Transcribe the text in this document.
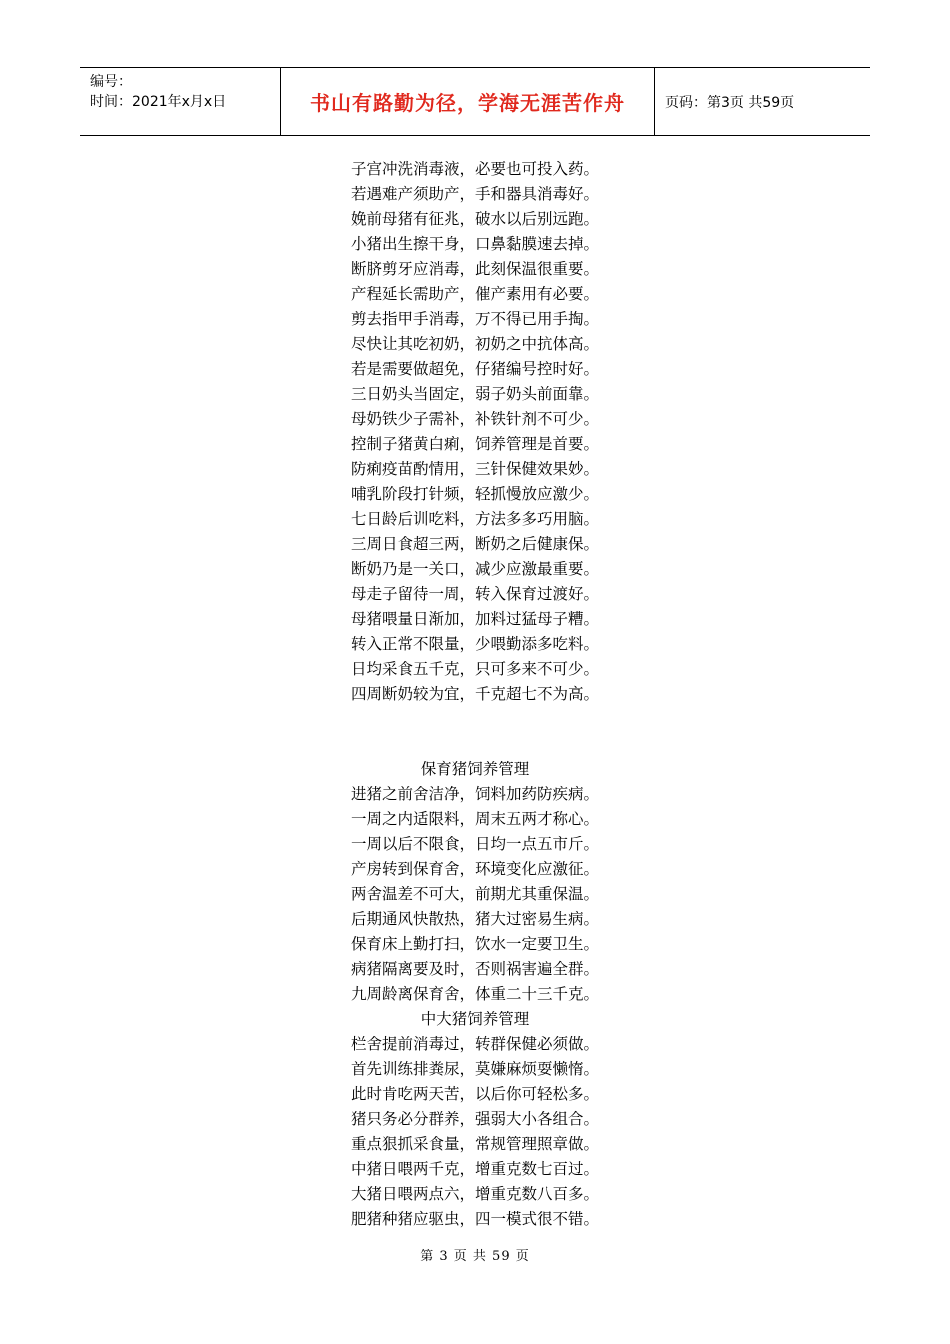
编号：
时间：2021年x月x日	书山有路勤为径，学海无涯苦作舟	页码：第3页 共59页
子宫冲洗消毒液，必要也可投入药。
若遇难产须助产，手和器具消毒好。
娩前母猪有征兆，破水以后别远跑。
小猪出生擦干身，口鼻黏膜速去掉。
断脐剪牙应消毒，此刻保温很重要。
产程延长需助产，催产素用有必要。
剪去指甲手消毒，万不得已用手掏。
尽快让其吃初奶，初奶之中抗体高。
若是需要做超免，仔猪编号控时好。
三日奶头当固定，弱子奶头前面靠。
母奶铁少子需补，补铁针剂不可少。
控制子猪黄白痢，饲养管理是首要。
防痢疫苗酌情用，三针保健效果妙。
哺乳阶段打针频，轻抓慢放应激少。
七日龄后训吃料，方法多多巧用脑。
三周日食超三两，断奶之后健康保。
断奶乃是一关口，减少应激最重要。
母走子留待一周，转入保育过渡好。
母猪喂量日渐加，加料过猛母子糟。
转入正常不限量，少喂勤添多吃料。
日均采食五千克，只可多来不可少。
四周断奶较为宜，千克超七不为高。
保育猪饲养管理
进猪之前舍洁净，饲料加药防疾病。
一周之内适限料，周末五两才称心。
一周以后不限食，日均一点五市斤。
产房转到保育舍，环境变化应激征。
两舍温差不可大，前期尤其重保温。
后期通风快散热，猪大过密易生病。
保育床上勤打扫，饮水一定要卫生。
病猪隔离要及时，否则祸害遍全群。
九周龄离保育舍，体重二十三千克。
中大猪饲养管理
栏舍提前消毒过，转群保健必须做。
首先训练排粪尿，莫嫌麻烦耍懒惰。
此时肯吃两天苦，以后你可轻松多。
猪只务必分群养，强弱大小各组合。
重点狠抓采食量，常规管理照章做。
中猪日喂两千克，增重克数七百过。
大猪日喂两点六，增重克数八百多。
肥猪种猪应驱虫，四一模式很不错。
第 3 页 共 59 页
